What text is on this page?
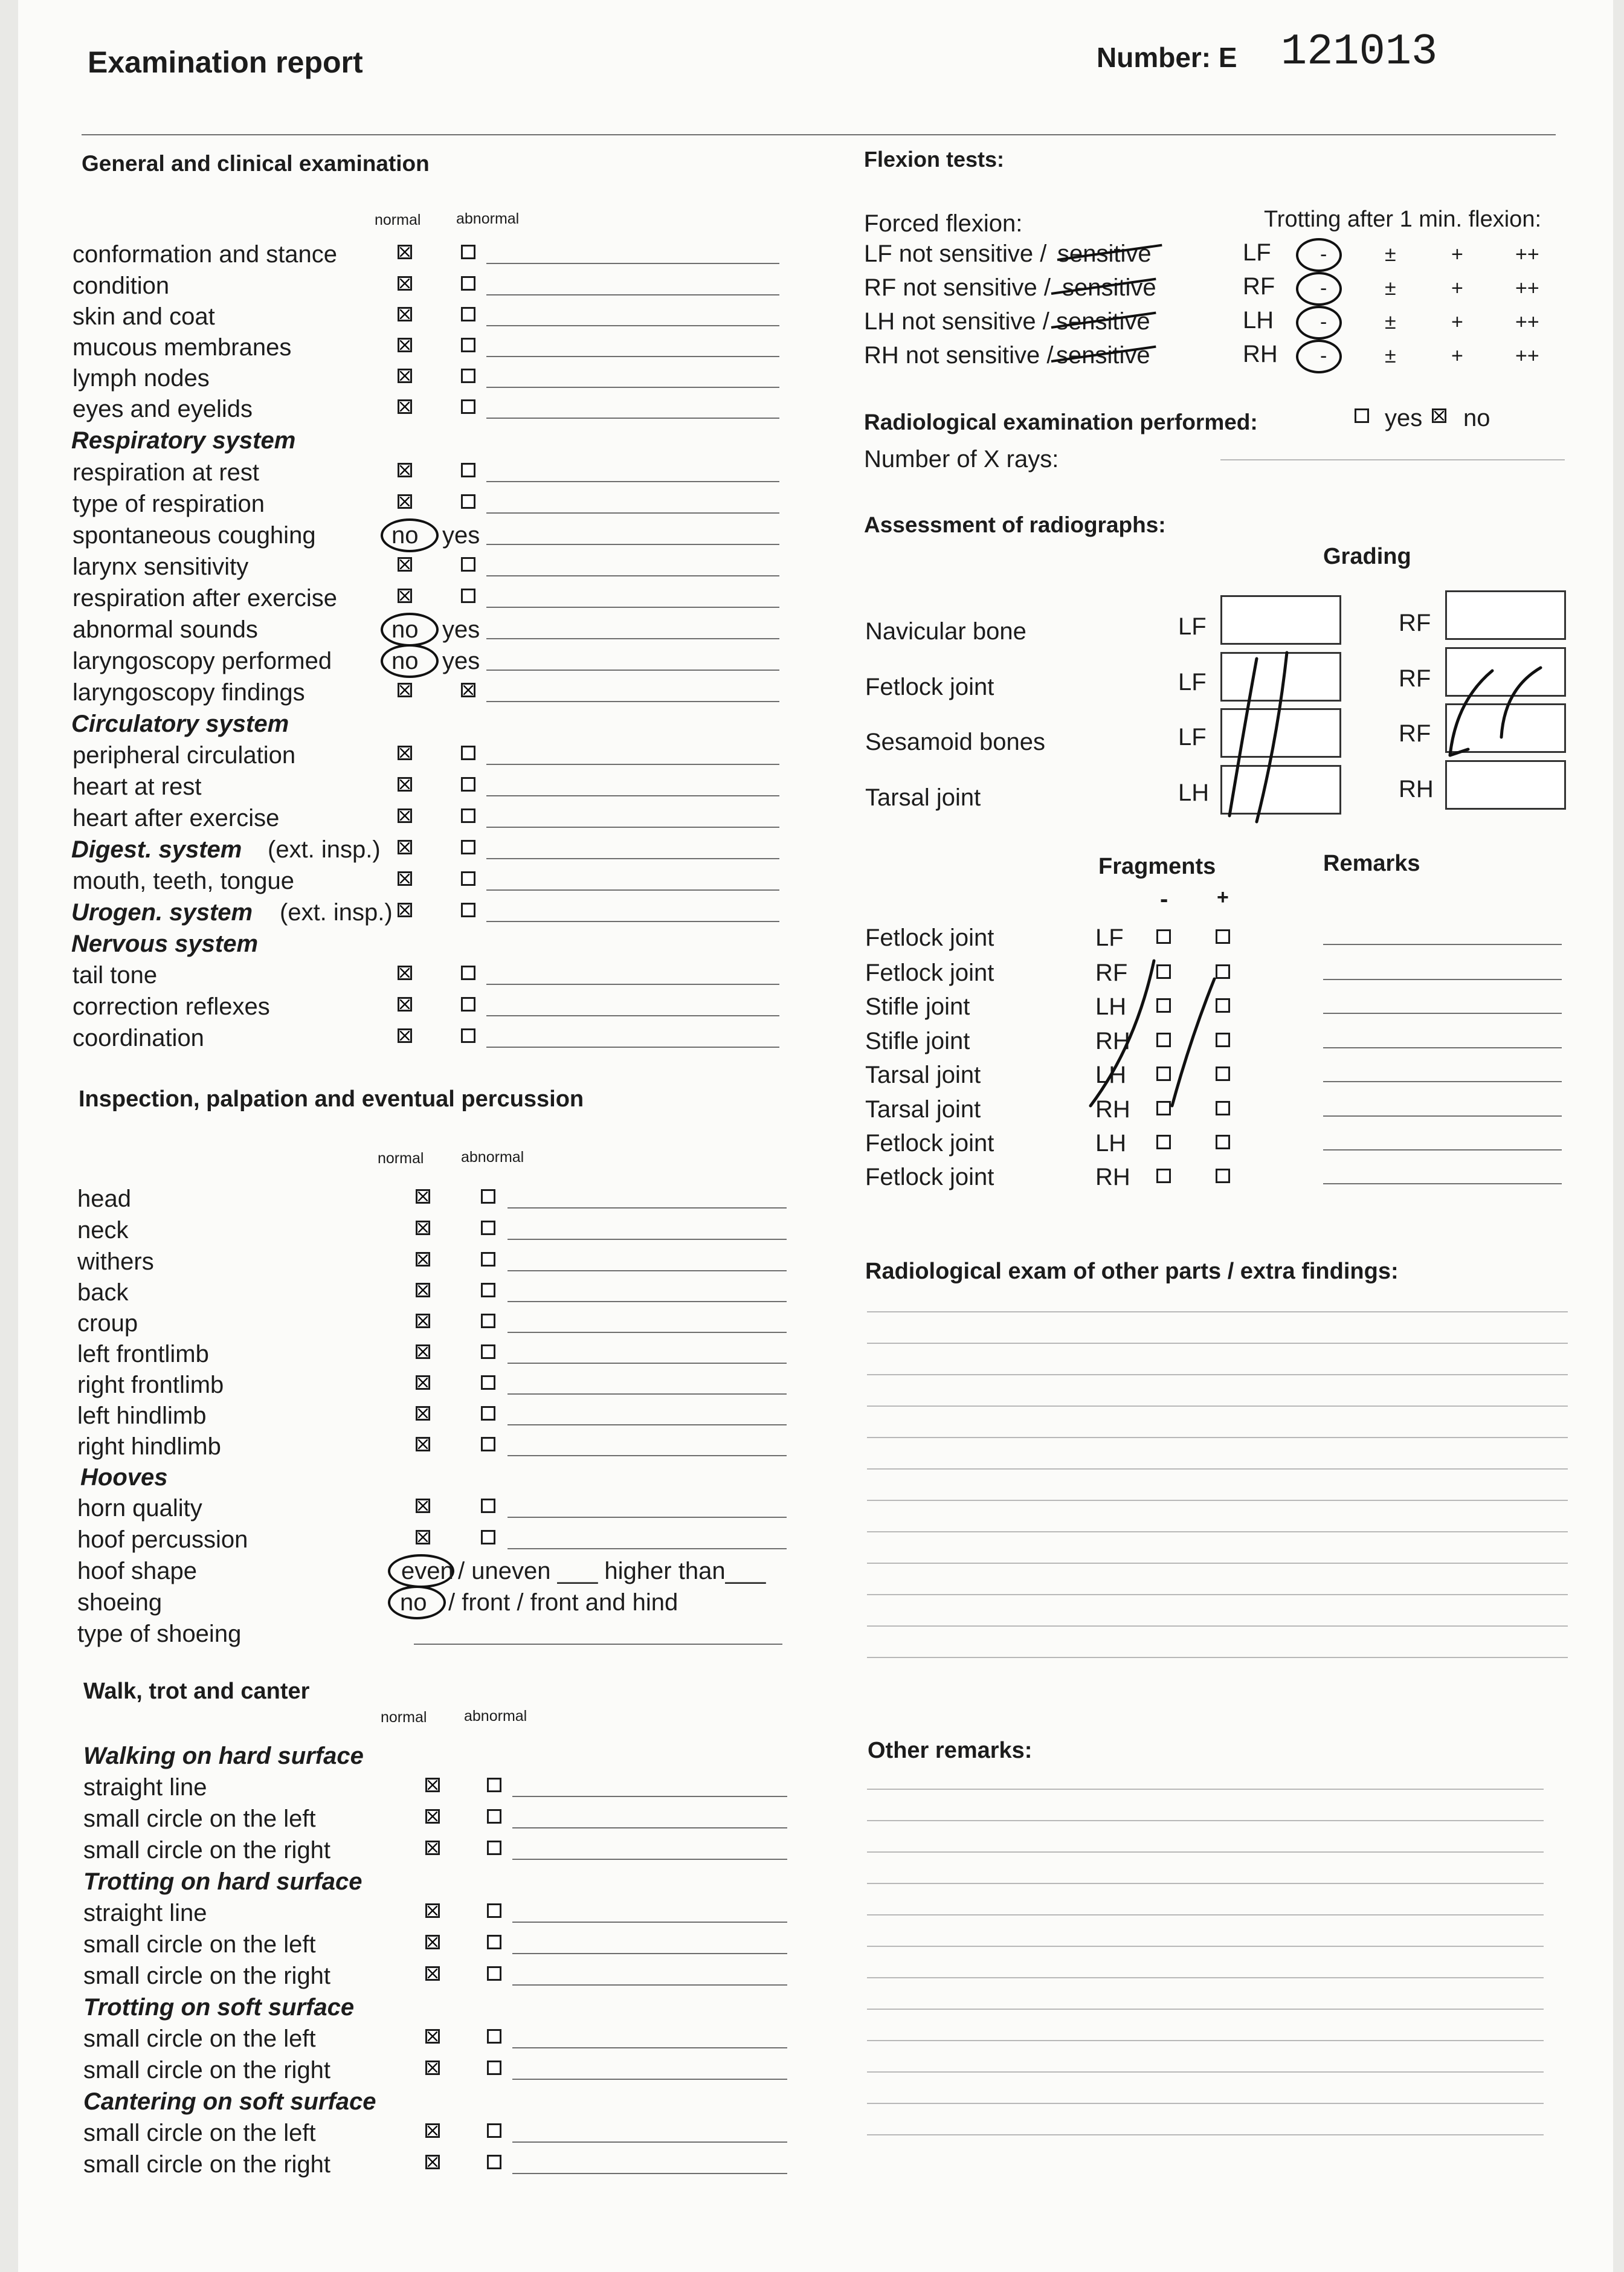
Examination report	Number: E 121013
General and clinical examination
normal abnormal
conformation and stance
condition
skin and coat
mucous membranes
lymph nodes
eyes and eyelids
Respiratory system
respiration at rest
type of respiration
spontaneous coughing	no yes
larynx sensitivity
respiration after exercise
abnormal sounds	no yes
laryngoscopy performed no yes
laryngoscopy findings
Circulatory system
peripheral circulation
heart at rest
heart after exercise
Digest. system (ext. insp.)
mouth, teeth, tongue
Urogen. system (ext. insp.)
Nervous system
tail tone
correction reflexes
coordination
Inspection, palpation and eventual percussion
normal abnormal
head
neck
withers
back
croup
left frontlimb
right frontlimb
left hindlimb
right hindlimb
Hooves
horn quality
hoof percussion
hoof shape	even / uneven ___ higher than___
shoeing	no / front / front and hind
type of shoeing
Walk, trot and canter
normal abnormal
Walking on hard surface
straight line
small circle on the left
small circle on the right
Trotting on hard surface
straight line
small circle on the left
small circle on the right
Trotting on soft surface
small circle on the left
small circle on the right
Cantering on soft surface
small circle on the left
small circle on the right
Flexion tests:
Forced flexion:	Trotting after 1 min. flexion:
LF not sensitive / sensitive	LF -	±	+	++
RF not sensitive / sensitive	RF -	±	+	++
LH not sensitive / sensitive	LH -	±	+	++
RH not sensitive / sensitive	RH -	±	+	++
Radiological examination performed:	yes no
Number of X rays:
Assessment of radiographs:
Grading
Navicular bone	LF	RF
Fetlock joint	LF	RF
Sesamoid bones	LF	RF
Tarsal joint	LH	RH
Fragments	Remarks
- +
Fetlock joint	LF
Fetlock joint	RF
Stifle joint	LH
Stifle joint	RH
Tarsal joint	LH
Tarsal joint	RH
Fetlock joint	LH
Fetlock joint	RH
Radiological exam of other parts / extra findings:
Other remarks:
